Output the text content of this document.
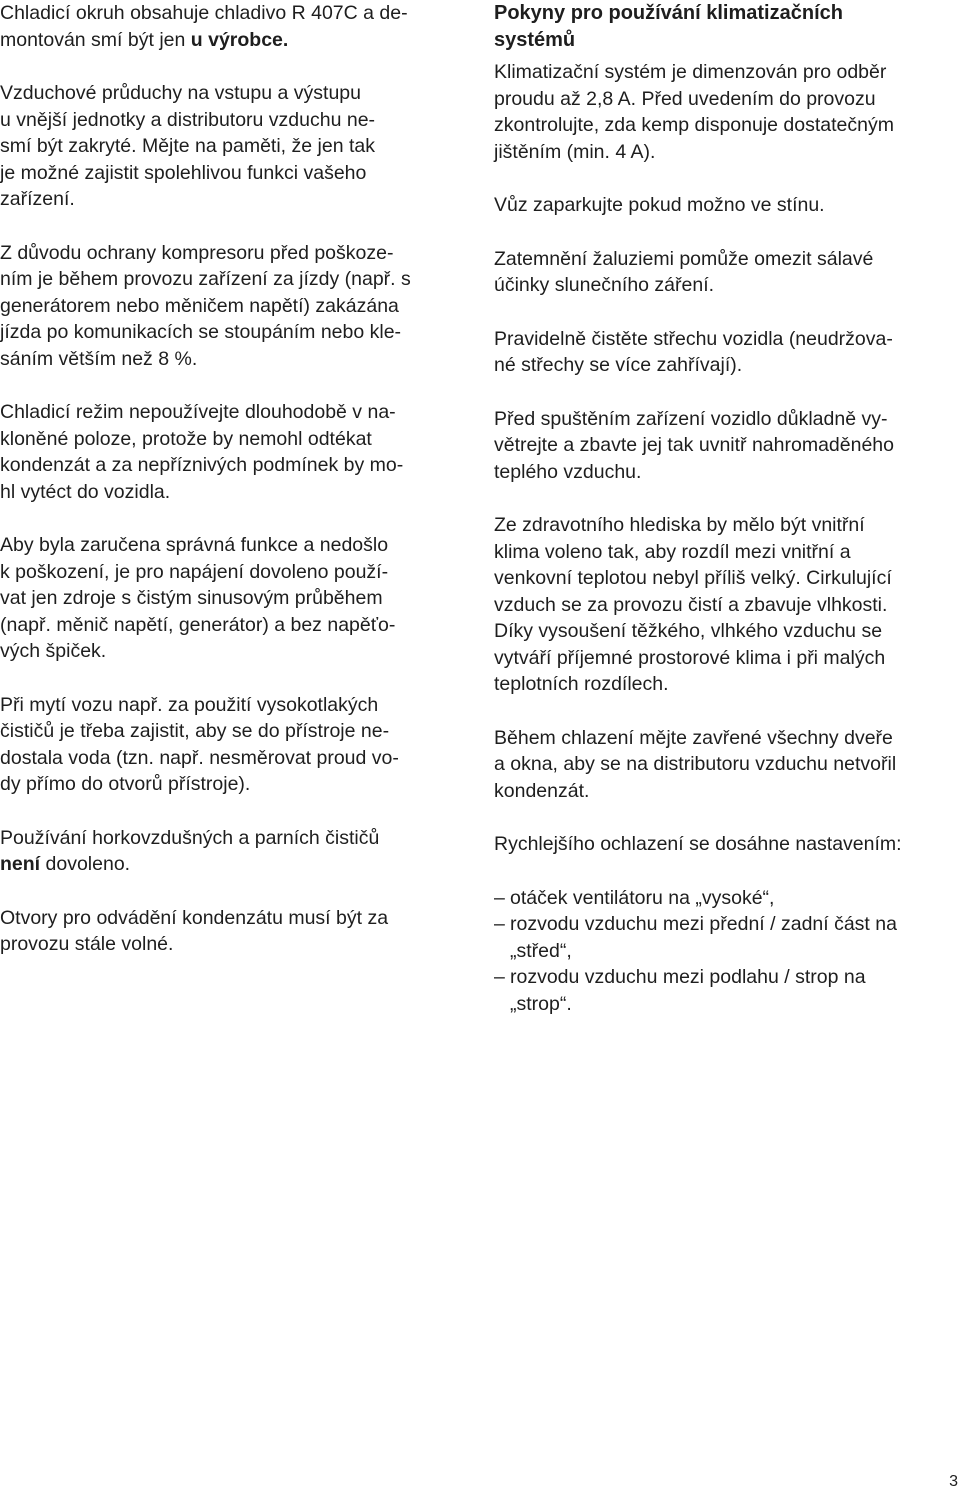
Chladicí okruh obsahuje chladivo R 407C a de-
montován smí být jen u výrobce.

Vzduchové průduchy na vstupu a výstupu
u vnější jednotky a distributoru vzduchu ne-
smí být zakryté. Mějte na paměti, že jen tak
je možné zajistit spolehlivou funkci vašeho
zařízení.

Z důvodu ochrany kompresoru před poškoze-
ním je během provozu zařízení za jízdy (např. s
generátorem nebo měničem napětí) zakázána
jízda po komunikacích se stoupáním nebo kle-
sáním větším než 8 %.

Chladicí režim nepoužívejte dlouhodobě v na-
kloněné poloze, protože by nemohl odtékat
kondenzát a za nepříznivých podmínek by mo-
hl vytéct do vozidla.

Aby byla zaručena správná funkce a nedošlo
k poškození, je pro napájení dovoleno použí-
vat jen zdroje s čistým sinusovým průběhem
(např. měnič napětí, generátor) a bez napěťo-
vých špiček.

Při mytí vozu např. za použití vysokotlakých
čističů je třeba zajistit, aby se do přístroje ne-
dostala voda (tzn. např. nesměrovat proud vo-
dy přímo do otvorů přístroje).

Používání horkovzdušných a parních čističů
není dovoleno.

Otvory pro odvádění kondenzátu musí být za
provozu stále volné.

Pokyny pro používání klimatizačních
systémů

Klimatizační systém je dimenzován pro odběr
proudu až 2,8 A. Před uvedením do provozu
zkontrolujte, zda kemp disponuje dostatečným
jištěním (min. 4 A).

Vůz zaparkujte pokud možno ve stínu.

Zatemnění žaluziemi pomůže omezit sálavé
účinky slunečního záření.

Pravidelně čistěte střechu vozidla (neudržova-
né střechy se více zahřívají).

Před spuštěním zařízení vozidlo důkladně vy-
větrejte a zbavte jej tak uvnitř nahromaděného
teplého vzduchu.

Ze zdravotního hlediska by mělo být vnitřní
klima voleno tak, aby rozdíl mezi vnitřní a
venkovní teplotou nebyl příliš velký. Cirkulující
vzduch se za provozu čistí a zbavuje vlhkosti.
Díky vysoušení těžkého, vlhkého vzduchu se
vytváří příjemné prostorové klima i při malých
teplotních rozdílech.

Během chlazení mějte zavřené všechny dveře
a okna, aby se na distributoru vzduchu netvořil
kondenzát.

Rychlejšího ochlazení se dosáhne nastavením:

– otáček ventilátoru na „vysoké“,
– rozvodu vzduchu mezi přední / zadní část na
„střed“,
– rozvodu vzduchu mezi podlahu / strop na
„strop“.
3
